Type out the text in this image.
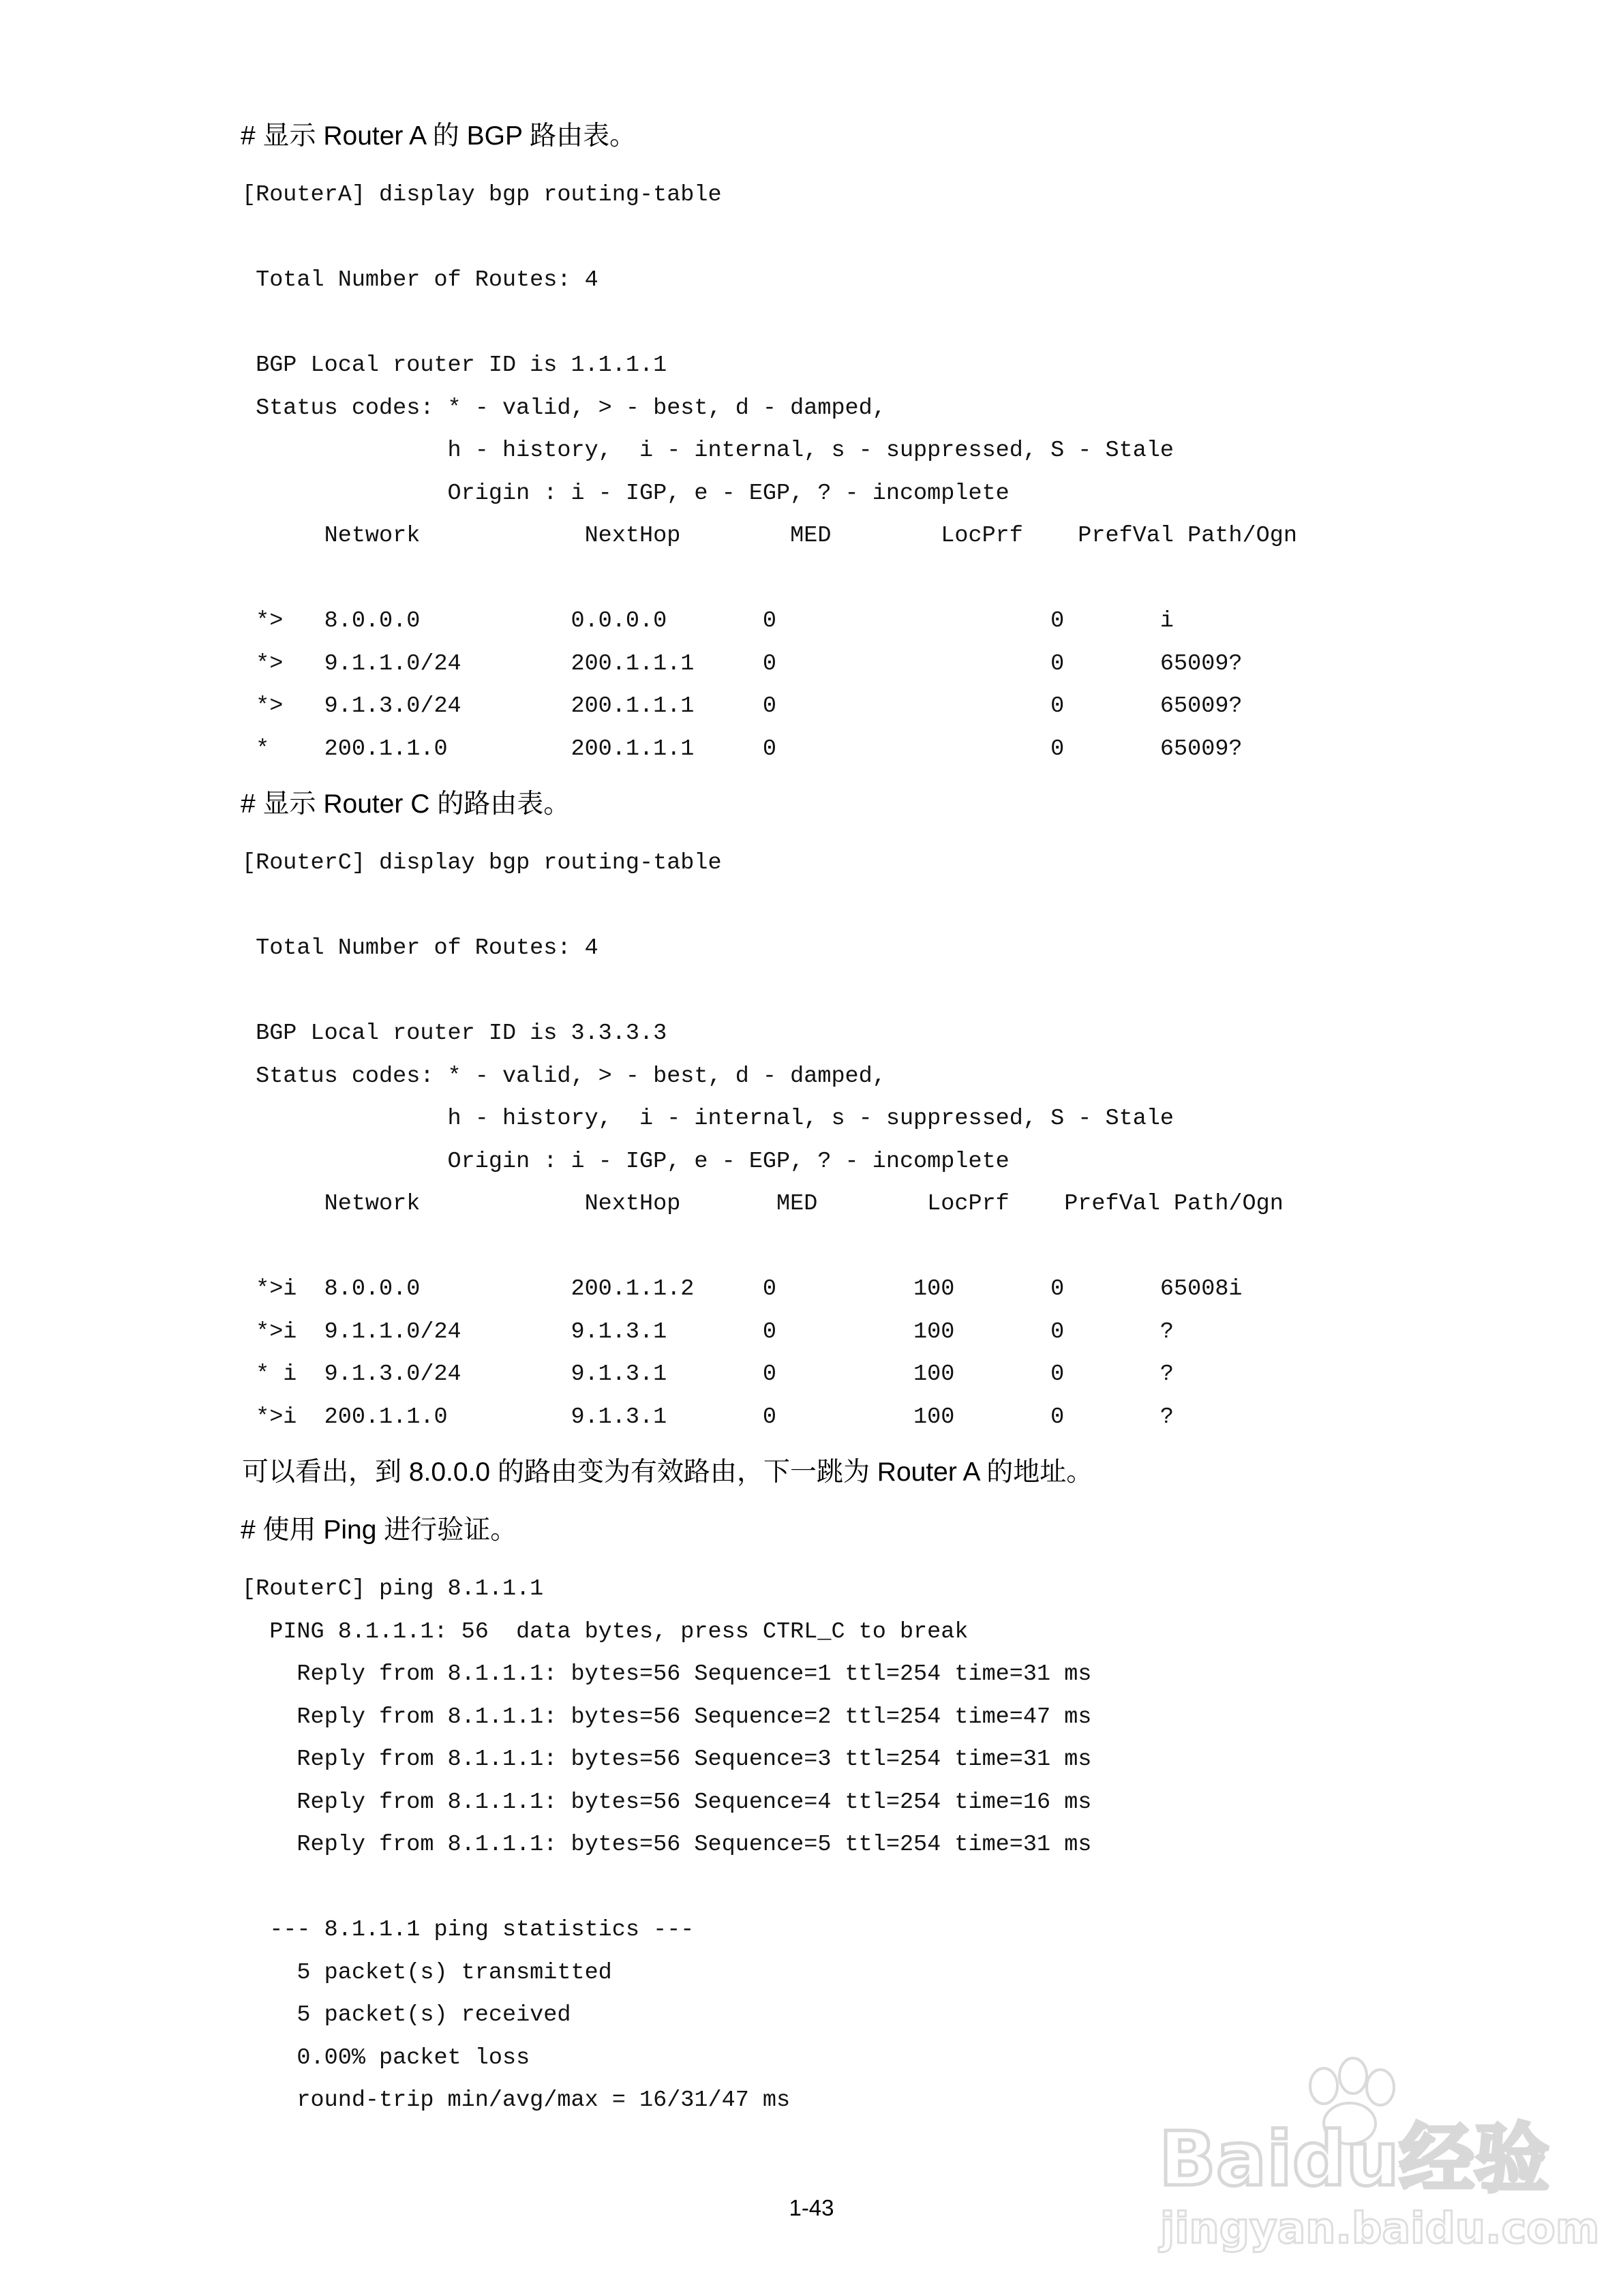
# 显示 Router A 的 BGP 路由表。
[RouterA] display bgp routing-table
Total Number of Routes: 4
BGP Local router ID is 1.1.1.1
Status codes: * - valid, > - best, d - damped,
h - history,  i - internal, s - suppressed, S - Stale
Origin : i - IGP, e - EGP, ? - incomplete
Network            NextHop        MED        LocPrf    PrefVal Path/Ogn
*>   8.0.0.0           0.0.0.0       0                    0       i
*>   9.1.1.0/24        200.1.1.1     0                    0       65009?
*>   9.1.3.0/24        200.1.1.1     0                    0       65009?
*    200.1.1.0         200.1.1.1     0                    0       65009?
# 显示 Router C 的路由表。
[RouterC] display bgp routing-table
Total Number of Routes: 4
BGP Local router ID is 3.3.3.3
Status codes: * - valid, > - best, d - damped,
h - history,  i - internal, s - suppressed, S - Stale
Origin : i - IGP, e - EGP, ? - incomplete
Network            NextHop       MED        LocPrf    PrefVal Path/Ogn
*>i  8.0.0.0           200.1.1.2     0          100       0       65008i
*>i  9.1.1.0/24        9.1.3.1       0          100       0       ?
* i  9.1.3.0/24        9.1.3.1       0          100       0       ?
*>i  200.1.1.0         9.1.3.1       0          100       0       ?
可以看出，到 8.0.0.0 的路由变为有效路由，下一跳为 Router A 的地址。
# 使用 Ping 进行验证。
[RouterC] ping 8.1.1.1
PING 8.1.1.1: 56  data bytes, press CTRL_C to break
Reply from 8.1.1.1: bytes=56 Sequence=1 ttl=254 time=31 ms
Reply from 8.1.1.1: bytes=56 Sequence=2 ttl=254 time=47 ms
Reply from 8.1.1.1: bytes=56 Sequence=3 ttl=254 time=31 ms
Reply from 8.1.1.1: bytes=56 Sequence=4 ttl=254 time=16 ms
Reply from 8.1.1.1: bytes=56 Sequence=5 ttl=254 time=31 ms
--- 8.1.1.1 ping statistics ---
5 packet(s) transmitted
5 packet(s) received
0.00% packet loss
round-trip min/avg/max = 16/31/47 ms
1-43
Baidu经验
jingyan.baidu.com
